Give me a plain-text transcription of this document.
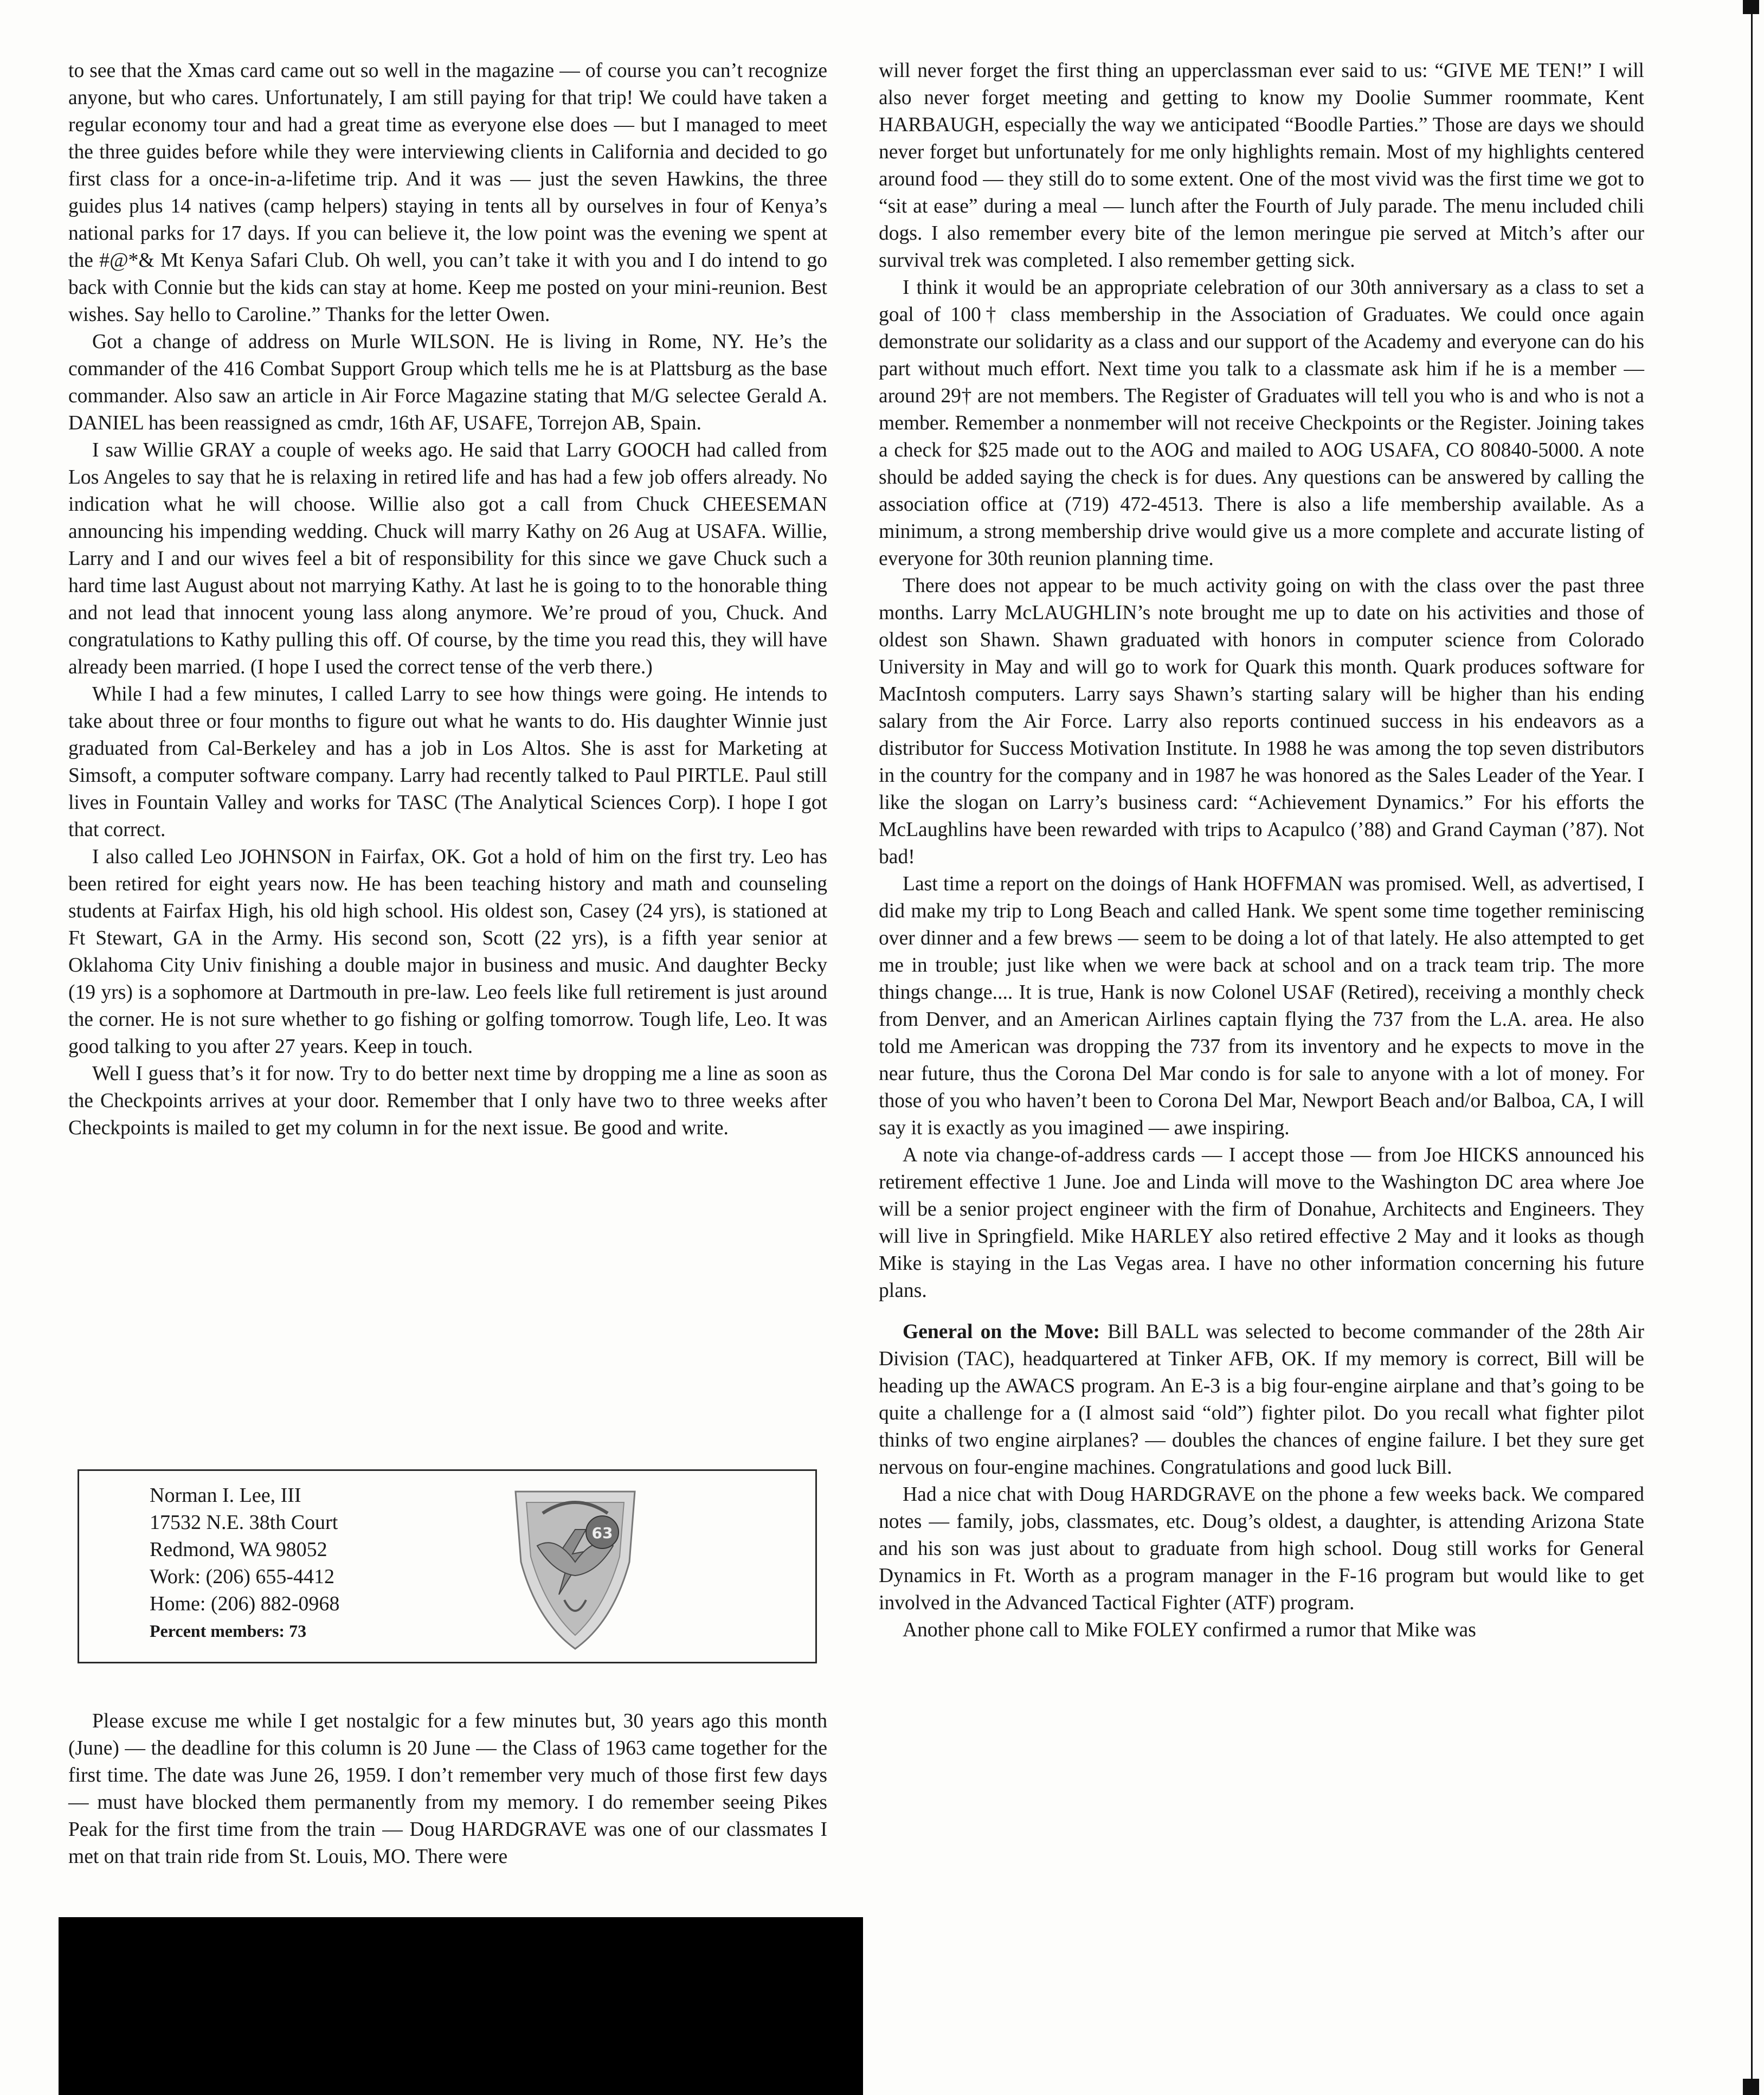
to see that the Xmas card came out so well in the magazine — of course you can’t recognize anyone, but who cares. Unfortunately, I am still paying for that trip! We could have taken a regular economy tour and had a great time as everyone else does — but I managed to meet the three guides before while they were interviewing clients in California and decided to go first class for a once-in-a-lifetime trip. And it was — just the seven Hawkins, the three guides plus 14 natives (camp helpers) staying in tents all by ourselves in four of Kenya’s national parks for 17 days. If you can believe it, the low point was the evening we spent at the #@*& Mt Kenya Safari Club. Oh well, you can’t take it with you and I do intend to go back with Connie but the kids can stay at home. Keep me posted on your mini-reunion. Best wishes. Say hello to Caroline.” Thanks for the letter Owen.

Got a change of address on Murle WILSON. He is living in Rome, NY. He’s the commander of the 416 Combat Support Group which tells me he is at Plattsburg as the base commander. Also saw an article in Air Force Magazine stating that M/G selectee Gerald A. DANIEL has been reassigned as cmdr, 16th AF, USAFE, Torrejon AB, Spain.

I saw Willie GRAY a couple of weeks ago. He said that Larry GOOCH had called from Los Angeles to say that he is relaxing in retired life and has had a few job offers already. No indication what he will choose. Willie also got a call from Chuck CHEESEMAN announcing his impending wedding. Chuck will marry Kathy on 26 Aug at USAFA. Willie, Larry and I and our wives feel a bit of responsibility for this since we gave Chuck such a hard time last August about not marrying Kathy. At last he is going to to the honorable thing and not lead that innocent young lass along anymore. We’re proud of you, Chuck. And congratulations to Kathy pulling this off. Of course, by the time you read this, they will have already been married. (I hope I used the correct tense of the verb there.)

While I had a few minutes, I called Larry to see how things were going. He intends to take about three or four months to figure out what he wants to do. His daughter Winnie just graduated from Cal-Berkeley and has a job in Los Altos. She is asst for Marketing at Simsoft, a computer software company. Larry had recently talked to Paul PIRTLE. Paul still lives in Fountain Valley and works for TASC (The Analytical Sciences Corp). I hope I got that correct.

I also called Leo JOHNSON in Fairfax, OK. Got a hold of him on the first try. Leo has been retired for eight years now. He has been teaching history and math and counseling students at Fairfax High, his old high school. His oldest son, Casey (24 yrs), is stationed at Ft Stewart, GA in the Army. His second son, Scott (22 yrs), is a fifth year senior at Oklahoma City Univ finishing a double major in business and music. And daughter Becky (19 yrs) is a sophomore at Dartmouth in pre-law. Leo feels like full retirement is just around the corner. He is not sure whether to go fishing or golfing tomorrow. Tough life, Leo. It was good talking to you after 27 years. Keep in touch.

Well I guess that’s it for now. Try to do better next time by dropping me a line as soon as the Checkpoints arrives at your door. Remember that I only have two to three weeks after Checkpoints is mailed to get my column in for the next issue. Be good and write.

Norman I. Lee, III
17532 N.E. 38th Court
Redmond, WA 98052
Work: (206) 655-4412
Home: (206) 882-0968
Percent members: 73
63

Please excuse me while I get nostalgic for a few minutes but, 30 years ago this month (June) — the deadline for this column is 20 June — the Class of 1963 came together for the first time. The date was June 26, 1959. I don’t remember very much of those first few days — must have blocked them permanently from my memory. I do remember seeing Pikes Peak for the first time from the train — Doug HARDGRAVE was one of our classmates I met on that train ride from St. Louis, MO. There were

will never forget the first thing an upperclassman ever said to us: “GIVE ME TEN!” I will also never forget meeting and getting to know my Doolie Summer roommate, Kent HARBAUGH, especially the way we anticipated “Boodle Parties.” Those are days we should never forget but unfortunately for me only highlights remain. Most of my highlights centered around food — they still do to some extent. One of the most vivid was the first time we got to “sit at ease” during a meal — lunch after the Fourth of July parade. The menu included chili dogs. I also remember every bite of the lemon meringue pie served at Mitch’s after our survival trek was completed. I also remember getting sick.

I think it would be an appropriate celebration of our 30th anniversary as a class to set a goal of 100† class membership in the Association of Graduates. We could once again demonstrate our solidarity as a class and our support of the Academy and everyone can do his part without much effort. Next time you talk to a classmate ask him if he is a member — around 29† are not members. The Register of Graduates will tell you who is and who is not a member. Remember a nonmember will not receive Checkpoints or the Register. Joining takes a check for $25 made out to the AOG and mailed to AOG USAFA, CO 80840-5000. A note should be added saying the check is for dues. Any questions can be answered by calling the association office at (719) 472-4513. There is also a life membership available. As a minimum, a strong membership drive would give us a more complete and accurate listing of everyone for 30th reunion planning time.

There does not appear to be much activity going on with the class over the past three months. Larry McLAUGHLIN’s note brought me up to date on his activities and those of oldest son Shawn. Shawn graduated with honors in computer science from Colorado University in May and will go to work for Quark this month. Quark produces software for MacIntosh computers. Larry says Shawn’s starting salary will be higher than his ending salary from the Air Force. Larry also reports continued success in his endeavors as a distributor for Success Motivation Institute. In 1988 he was among the top seven distributors in the country for the company and in 1987 he was honored as the Sales Leader of the Year. I like the slogan on Larry’s business card: “Achievement Dynamics.” For his efforts the McLaughlins have been rewarded with trips to Acapulco (’88) and Grand Cayman (’87). Not bad!

Last time a report on the doings of Hank HOFFMAN was promised. Well, as advertised, I did make my trip to Long Beach and called Hank. We spent some time together reminiscing over dinner and a few brews — seem to be doing a lot of that lately. He also attempted to get me in trouble; just like when we were back at school and on a track team trip. The more things change.... It is true, Hank is now Colonel USAF (Retired), receiving a monthly check from Denver, and an American Airlines captain flying the 737 from the L.A. area. He also told me American was dropping the 737 from its inventory and he expects to move in the near future, thus the Corona Del Mar condo is for sale to anyone with a lot of money. For those of you who haven’t been to Corona Del Mar, Newport Beach and/or Balboa, CA, I will say it is exactly as you imagined — awe inspiring.

A note via change-of-address cards — I accept those — from Joe HICKS announced his retirement effective 1 June. Joe and Linda will move to the Washington DC area where Joe will be a senior project engineer with the firm of Donahue, Architects and Engineers. They will live in Springfield. Mike HARLEY also retired effective 2 May and it looks as though Mike is staying in the Las Vegas area. I have no other information concerning his future plans.

General on the Move: Bill BALL was selected to become commander of the 28th Air Division (TAC), headquartered at Tinker AFB, OK. If my memory is correct, Bill will be heading up the AWACS program. An E-3 is a big four-engine airplane and that’s going to be quite a challenge for a (I almost said “old”) fighter pilot. Do you recall what fighter pilot thinks of two engine airplanes? — doubles the chances of engine failure. I bet they sure get nervous on four-engine machines. Congratulations and good luck Bill.

Had a nice chat with Doug HARDGRAVE on the phone a few weeks back. We compared notes — family, jobs, classmates, etc. Doug’s oldest, a daughter, is attending Arizona State and his son was just about to graduate from high school. Doug still works for General Dynamics in Ft. Worth as a program manager in the F-16 program but would like to get involved in the Advanced Tactical Fighter (ATF) program.

Another phone call to Mike FOLEY confirmed a rumor that Mike was
